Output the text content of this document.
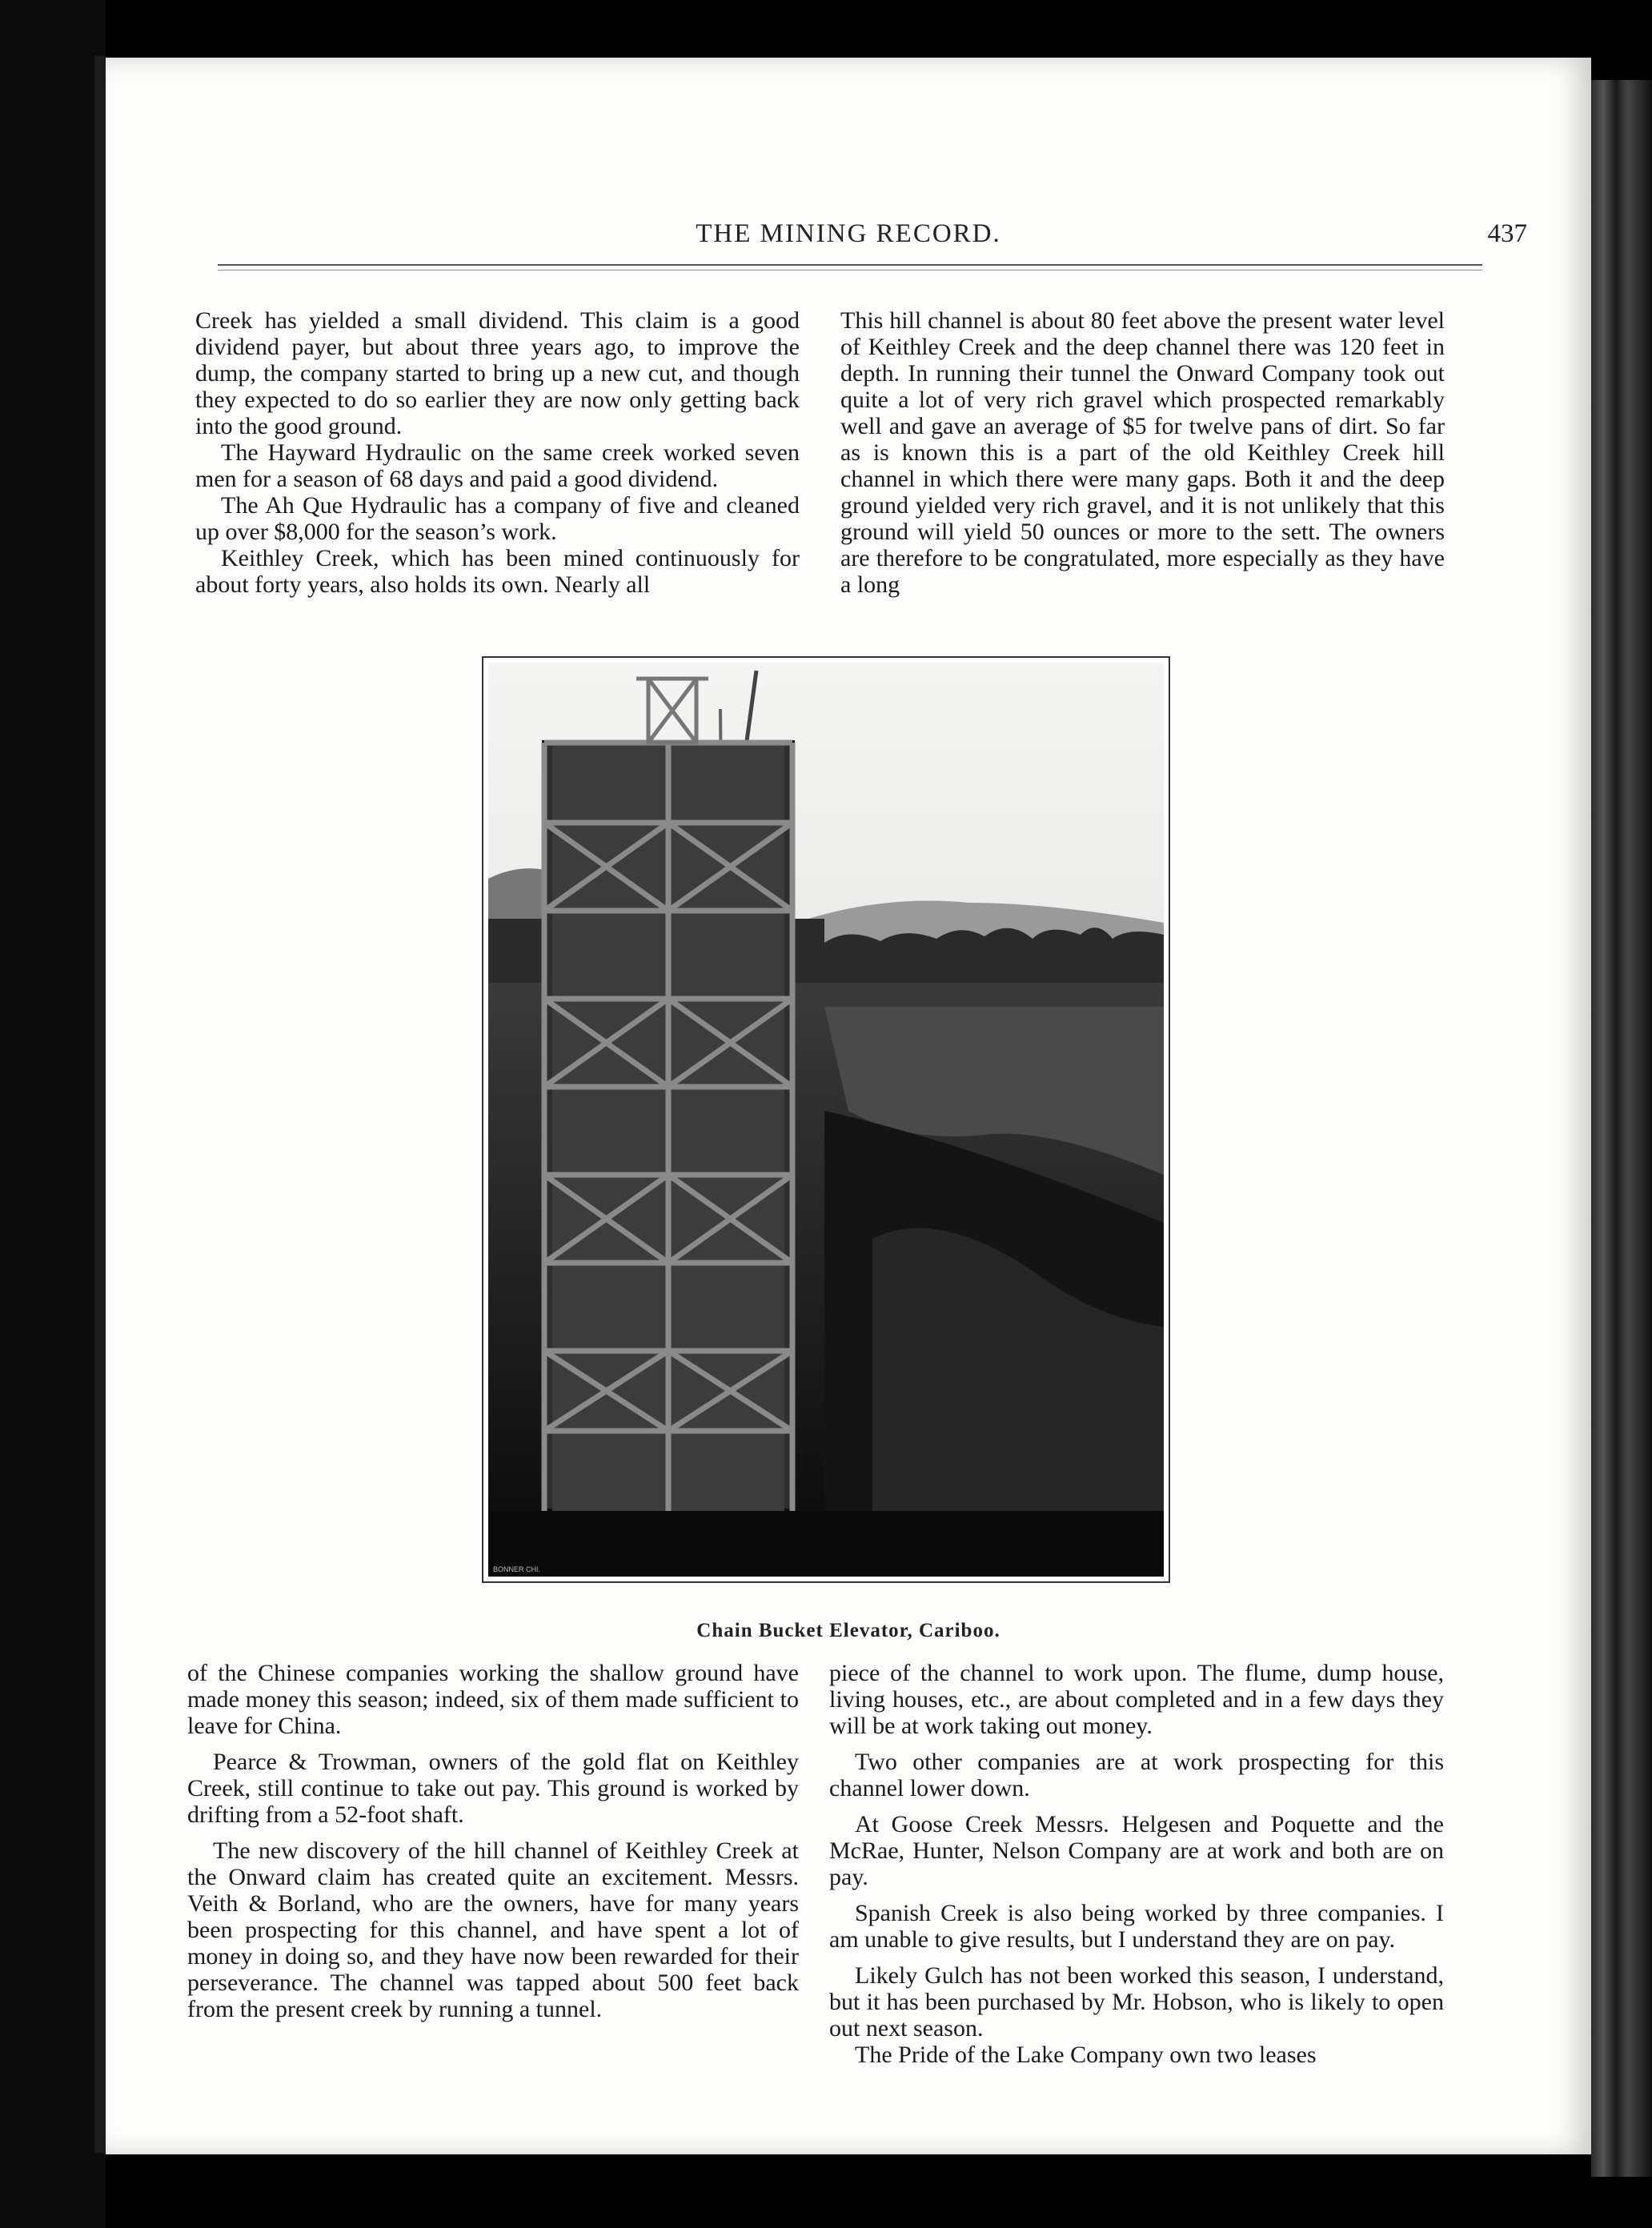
THE MINING RECORD.	437

Creek has yielded a small dividend. This claim is a good dividend payer, but about three years ago, to improve the dump, the company started to bring up a new cut, and though they expected to do so earlier they are now only getting back into the good ground.

The Hayward Hydraulic on the same creek worked seven men for a season of 68 days and paid a good dividend.

The Ah Que Hydraulic has a company of five and cleaned up over $8,000 for the season’s work.

Keithley Creek, which has been mined continuously for about forty years, also holds its own. Nearly all

This hill channel is about 80 feet above the present water level of Keithley Creek and the deep channel there was 120 feet in depth. In running their tunnel the Onward Company took out quite a lot of very rich gravel which prospected remarkably well and gave an average of $5 for twelve pans of dirt. So far as is known this is a part of the old Keithley Creek hill channel in which there were many gaps. Both it and the deep ground yielded very rich gravel, and it is not unlikely that this ground will yield 50 ounces or more to the sett. The owners are therefore to be congratulated, more especially as they have a long

BONNER CHI.
Chain Bucket Elevator, Cariboo.

of the Chinese companies working the shallow ground have made money this season; indeed, six of them made sufficient to leave for China.

Pearce & Trowman, owners of the gold flat on Keithley Creek, still continue to take out pay. This ground is worked by drifting from a 52-foot shaft.

The new discovery of the hill channel of Keithley Creek at the Onward claim has created quite an excitement. Messrs. Veith & Borland, who are the owners, have for many years been prospecting for this channel, and have spent a lot of money in doing so, and they have now been rewarded for their perseverance. The channel was tapped about 500 feet back from the present creek by running a tunnel.

piece of the channel to work upon. The flume, dump house, living houses, etc., are about completed and in a few days they will be at work taking out money.

Two other companies are at work prospecting for this channel lower down.

At Goose Creek Messrs. Helgesen and Poquette and the McRae, Hunter, Nelson Company are at work and both are on pay.

Spanish Creek is also being worked by three companies. I am unable to give results, but I understand they are on pay.

Likely Gulch has not been worked this season, I understand, but it has been purchased by Mr. Hobson, who is likely to open out next season.

The Pride of the Lake Company own two leases
